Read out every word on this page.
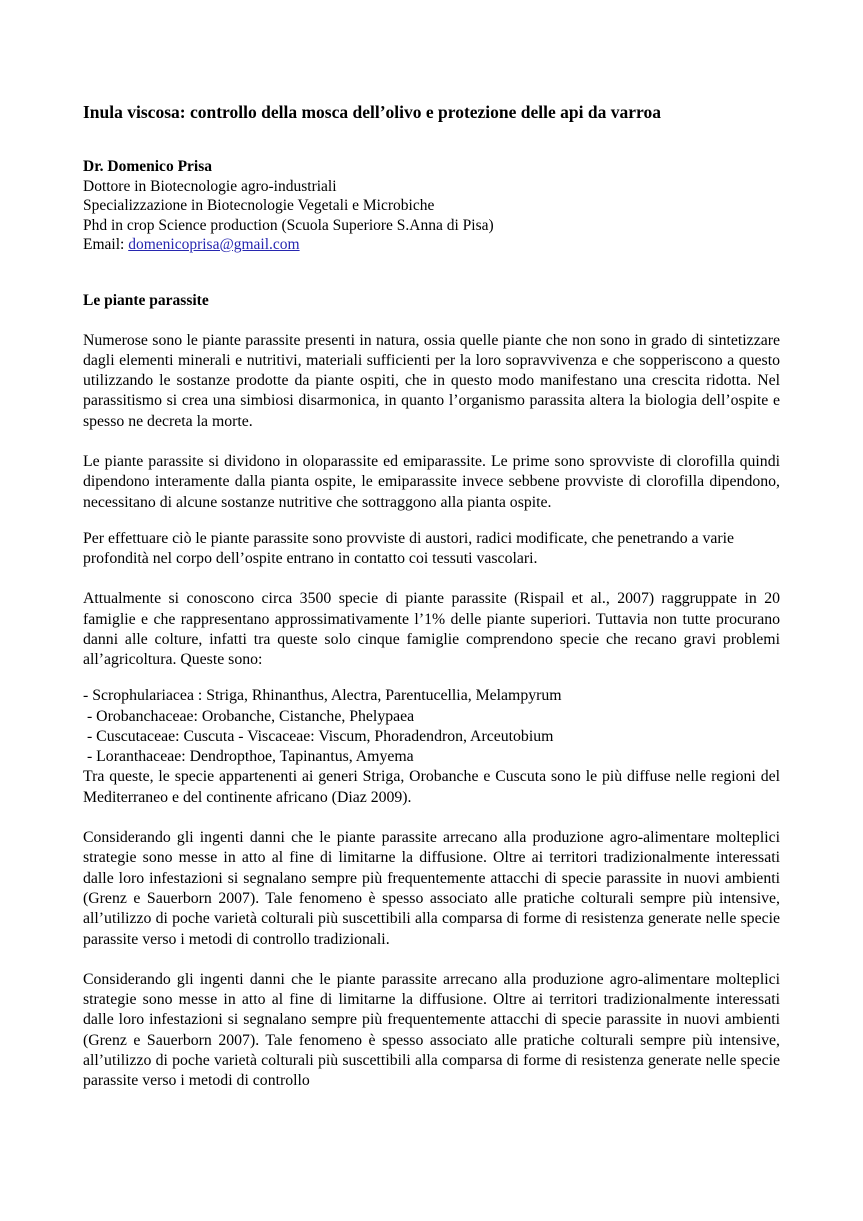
Inula viscosa: controllo della mosca dell’olivo e protezione delle api da varroa
Dr. Domenico Prisa
Dottore in Biotecnologie agro-industriali
Specializzazione in Biotecnologie Vegetali e Microbiche
Phd in crop Science production (Scuola Superiore S.Anna di Pisa)
Email: domenicoprisa@gmail.com
Le piante parassite

Numerose sono le piante parassite presenti in natura, ossia quelle piante che non sono in grado di sintetizzare dagli elementi minerali e nutritivi, materiali sufficienti per la loro sopravvivenza e che sopperiscono a questo utilizzando le sostanze prodotte da piante ospiti, che in questo modo manifestano una crescita ridotta. Nel parassitismo si crea una simbiosi disarmonica, in quanto l’organismo parassita altera la biologia dell’ospite e spesso ne decreta la morte.

Le piante parassite si dividono in oloparassite ed emiparassite. Le prime sono sprovviste di clorofilla quindi dipendono interamente dalla pianta ospite, le emiparassite invece sebbene provviste di clorofilla dipendono, necessitano di alcune sostanze nutritive che sottraggono alla pianta ospite.

Per effettuare ciò le piante parassite sono provviste di austori, radici modificate, che penetrando a varie profondità nel corpo dell’ospite entrano in contatto coi tessuti vascolari.

Attualmente si conoscono circa 3500 specie di piante parassite (Rispail et al., 2007) raggruppate in 20 famiglie e che rappresentano approssimativamente l’1% delle piante superiori. Tuttavia non tutte procurano danni alle colture, infatti tra queste solo cinque famiglie comprendono specie che recano gravi problemi all’agricoltura. Queste sono:

- Scrophulariacea : Striga, Rhinanthus, Alectra, Parentucellia, Melampyrum
- Orobanchaceae: Orobanche, Cistanche, Phelypaea
- Cuscutaceae: Cuscuta - Viscaceae: Viscum, Phoradendron, Arceutobium
- Loranthaceae: Dendropthoe, Tapinantus, Amyema

Tra queste, le specie appartenenti ai generi Striga, Orobanche e Cuscuta sono le più diffuse nelle regioni del Mediterraneo e del continente africano (Diaz 2009).

Considerando gli ingenti danni che le piante parassite arrecano alla produzione agro-alimentare molteplici strategie sono messe in atto al fine di limitarne la diffusione. Oltre ai territori tradizionalmente interessati dalle loro infestazioni si segnalano sempre più frequentemente attacchi di specie parassite in nuovi ambienti (Grenz e Sauerborn 2007). Tale fenomeno è spesso associato alle pratiche colturali sempre più intensive, all’utilizzo di poche varietà colturali più suscettibili alla comparsa di forme di resistenza generate nelle specie parassite verso i metodi di controllo tradizionali.

Considerando gli ingenti danni che le piante parassite arrecano alla produzione agro-alimentare molteplici strategie sono messe in atto al fine di limitarne la diffusione. Oltre ai territori tradizionalmente interessati dalle loro infestazioni si segnalano sempre più frequentemente attacchi di specie parassite in nuovi ambienti (Grenz e Sauerborn 2007). Tale fenomeno è spesso associato alle pratiche colturali sempre più intensive, all’utilizzo di poche varietà colturali più suscettibili alla comparsa di forme di resistenza generate nelle specie parassite verso i metodi di controllo
